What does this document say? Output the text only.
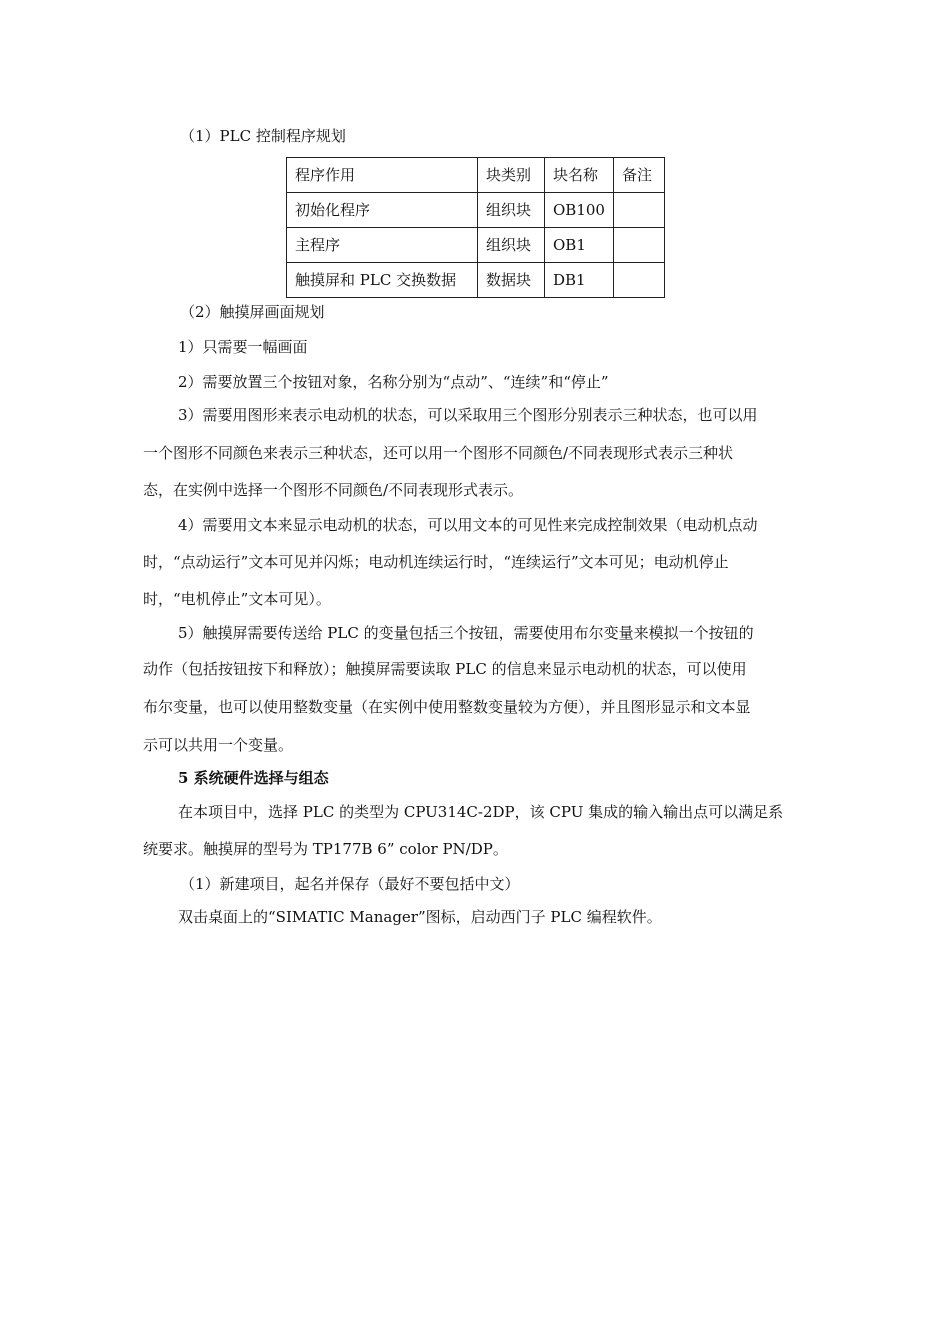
（1）PLC 控制程序规划
程序作用	块类别	块名称	备注
初始化程序	组织块	OB100	
主程序	组织块	OB1	
触摸屏和 PLC 交换数据	数据块	DB1	
（2）触摸屏画面规划
1）只需要一幅画面
2）需要放置三个按钮对象，名称分别为“点动”、“连续”和“停止”
3）需要用图形来表示电动机的状态，可以采取用三个图形分别表示三种状态，也可以用
一个图形不同颜色来表示三种状态，还可以用一个图形不同颜色/不同表现形式表示三种状
态，在实例中选择一个图形不同颜色/不同表现形式表示。
4）需要用文本来显示电动机的状态，可以用文本的可见性来完成控制效果（电动机点动
时，“点动运行”文本可见并闪烁；电动机连续运行时，“连续运行”文本可见；电动机停止
时，“电机停止”文本可见）。
5）触摸屏需要传送给 PLC 的变量包括三个按钮，需要使用布尔变量来模拟一个按钮的
动作（包括按钮按下和释放）；触摸屏需要读取 PLC 的信息来显示电动机的状态，可以使用
布尔变量，也可以使用整数变量（在实例中使用整数变量较为方便），并且图形显示和文本显
示可以共用一个变量。
5 系统硬件选择与组态
在本项目中，选择 PLC 的类型为 CPU314C-2DP，该 CPU 集成的输入输出点可以满足系
统要求。触摸屏的型号为 TP177B 6” color PN/DP。
（1）新建项目，起名并保存（最好不要包括中文）
双击桌面上的“SIMATIC Manager”图标，启动西门子 PLC 编程软件。
